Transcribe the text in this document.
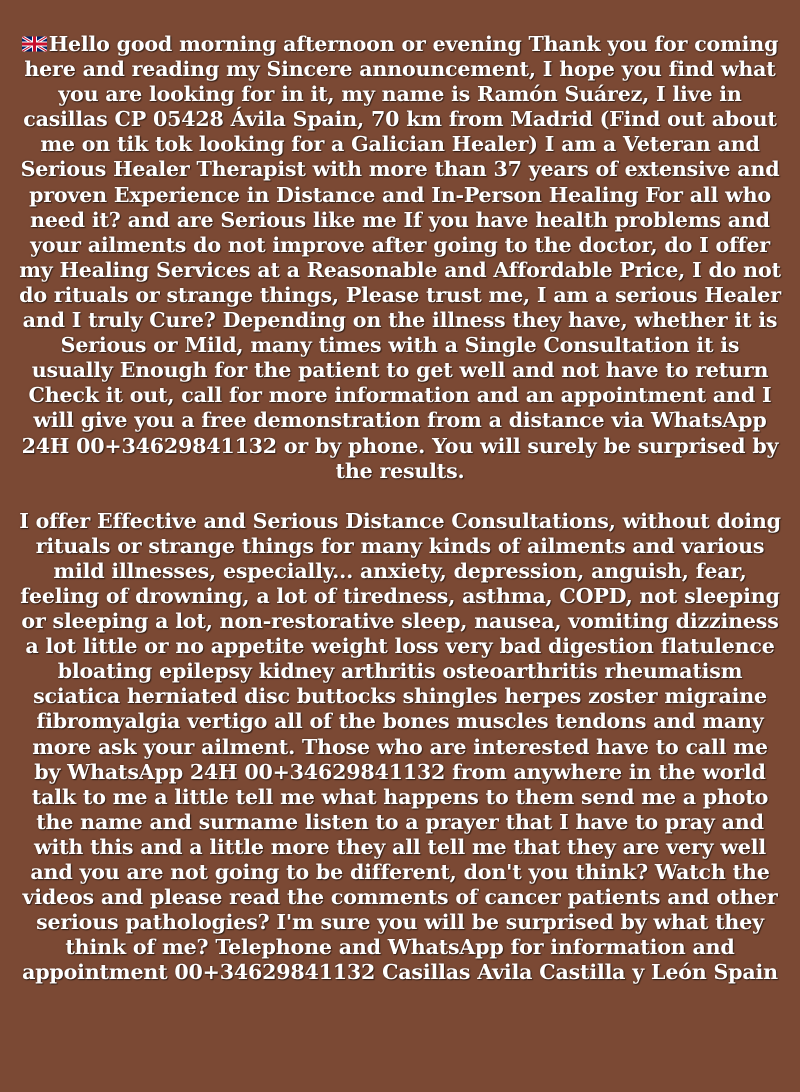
Hello good morning afternoon or evening Thank you for coming here and reading my Sincere announcement, I hope you find what you are looking for in it, my name is Ramón Suárez, I live in casillas CP 05428 Ávila Spain, 70 km from Madrid (Find out about me on tik tok looking for a Galician Healer) I am a Veteran and Serious Healer Therapist with more than 37 years of extensive and proven Experience in Distance and In-Person Healing For all who need it? and are Serious like me If you have health problems and your ailments do not improve after going to the doctor, do I offer my Healing Services at a Reasonable and Affordable Price, I do not do rituals or strange things, Please trust me, I am a serious Healer and I truly Cure? Depending on the illness they have, whether it is Serious or Mild, many times with a Single Consultation it is usually Enough for the patient to get well and not have to return Check it out, call for more information and an appointment and I will give you a free demonstration from a distance via WhatsApp 24H 00+34629841132 or by phone. You will surely be surprised by the results.

I offer Effective and Serious Distance Consultations, without doing rituals or strange things for many kinds of ailments and various mild illnesses, especially... anxiety, depression, anguish, fear, feeling of drowning, a lot of tiredness, asthma, COPD, not sleeping or sleeping a lot, non-restorative sleep, nausea, vomiting dizziness a lot little or no appetite weight loss very bad digestion flatulence bloating epilepsy kidney arthritis osteoarthritis rheumatism sciatica herniated disc buttocks shingles herpes zoster migraine fibromyalgia vertigo all of the bones muscles tendons and many more ask your ailment. Those who are interested have to call me by WhatsApp 24H 00+34629841132 from anywhere in the world talk to me a little tell me what happens to them send me a photo the name and surname listen to a prayer that I have to pray and with this and a little more they all tell me that they are very well and you are not going to be different, don't you think? Watch the videos and please read the comments of cancer patients and other serious pathologies? I'm sure you will be surprised by what they think of me? Telephone and WhatsApp for information and appointment 00+34629841132 Casillas Avila Castilla y León Spain
